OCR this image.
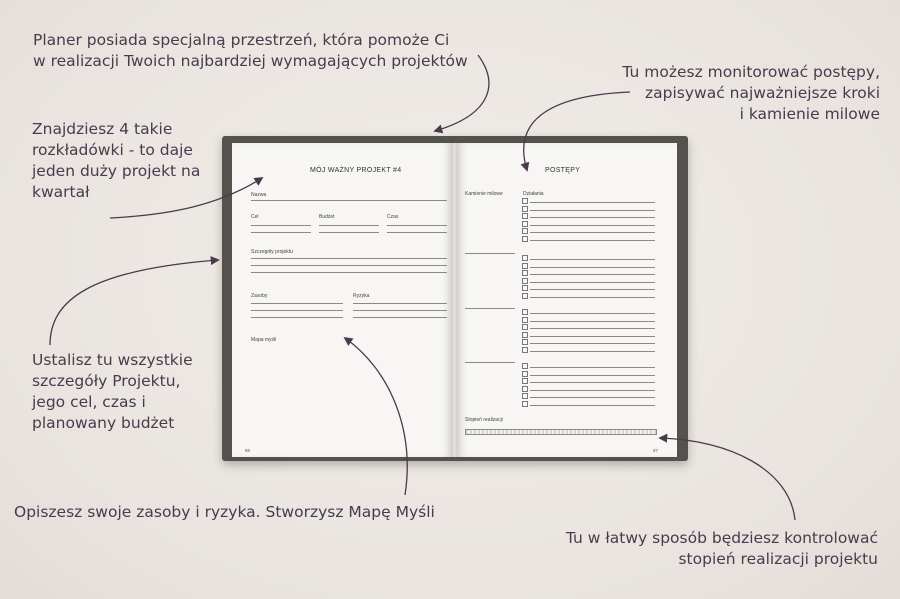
Planer posiada specjalną przestrzeń, która pomoże Ci
w realizacji Twoich najbardziej wymagających projektów
Znajdziesz 4 takie
rozkładówki - to daje
jeden duży projekt na
kwartał
Tu możesz monitorować postępy,
zapisywać najważniejsze kroki
i kamienie milowe
Ustalisz tu wszystkie
szczegóły Projektu,
jego cel, czas i
planowany budżet
Opiszesz swoje zasoby i ryzyka. Stworzysz Mapę Myśli
Tu w łatwy sposób będziesz kontrolować
stopień realizacji projektu
MÓJ WAŻNY PROJEKT #4
Nazwa
Cel	Budżet	Czas
Szczegóły projektu
Zasoby	Ryzyka
Mapa myśli
86
POSTĘPY
Kamienie milowe	Działania
Stopień realizacji
87
